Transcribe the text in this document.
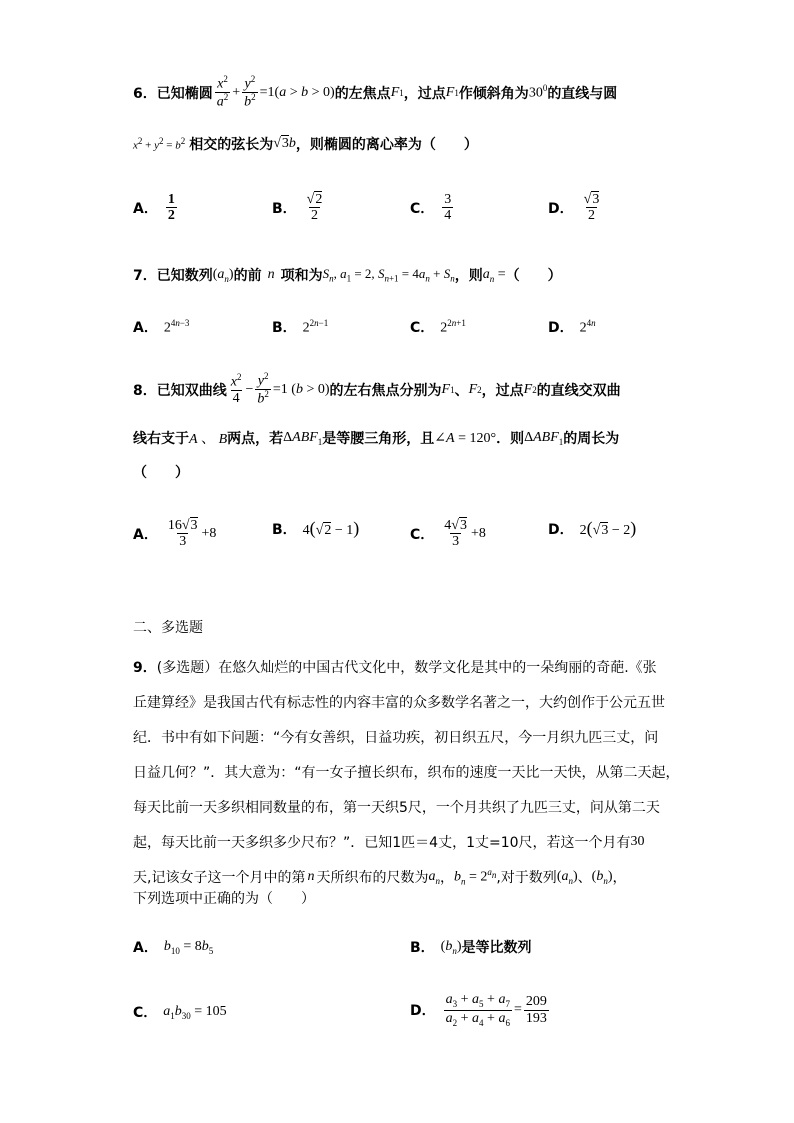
6． 已知椭圆 $\frac{x^2}{a^2} + \frac{y^2}{b^2} =1(a > b > 0)$ 的左焦点 F 1 ，过点 F 1 作倾斜角为 $30^0$ 的直线与圆
$x^2 + y^2 = b^2$ 相交的弦长为 √3b ，则椭圆的离心率为（　　）
A． $\frac{1}{2}$	B． $\frac{√2}{2}$	C． $\frac{3}{4}$	D． $\frac{√3}{2}$
7． 已知数列 $(a_n)$ 的前 n 项和为 $S_n$, $a_1 = 2$, $S_{n+1} = 4a_n + S_n$ ，则 $a_n$ = （　　）
A． $2^{4n-3}$	B． $2^{2n-1}$	C． $2^{2n+1}$	D． $2^{4n}$
8． 已知双曲线 $\frac{x^2}{4} - \frac{y^2}{b^2} =1$ (b > 0) 的左右焦点分别为 F 1 、 F 2 ，过点 F 2 的直线交双曲
线右支于 A 、 B 两点，若 $\Delta ABF_1$ 是等腰三角形，且 ∠A = 120° ．则 $\Delta ABF_1$ 的周长为
（　　）
A． $\frac{16√3}{3} +8$	B． 4(√2 − 1)	C． $\frac{4√3}{3} +8$	D． 2(√3 − 2)
二、多选题
9． (多选题）在悠久灿烂的中国古代文化中，数学文化是其中的一朵绚丽的奇葩.《张
丘建算经》是我国古代有标志性的内容丰富的众多数学名著之一，大约创作于公元五世
纪．书中有如下问题：“今有女善织，日益功疾，初日织五尺，今一月织九匹三丈，问
日益几何？”．其大意为：“有一女子擅长织布，织布的速度一天比一天快，从第二天起，
每天比前一天多织相同数量的布，第一天织5尺，一个月共织了九匹三丈，问从第二天
起，每天比前一天多织多少尺布？”．已知1匹＝4丈，1丈=10尺，若这一个月有 30
天,记该女子这一个月中的第 n 天所织布的尺数为 $a_n$ ， $b_n = 2^{a_n}$ ,对于数列 $(a_n)$ 、 $(b_n)$ ，
下列选项中正确的为（　　）
A． $b_{10} = 8b_5$	B． $(b_n)$ 是等比数列
C． $a_1b_{30} = 105$	D． $\frac{a_3 + a_5 + a_7}{a_2 + a_4 + a_6} = \frac{209}{193}$
